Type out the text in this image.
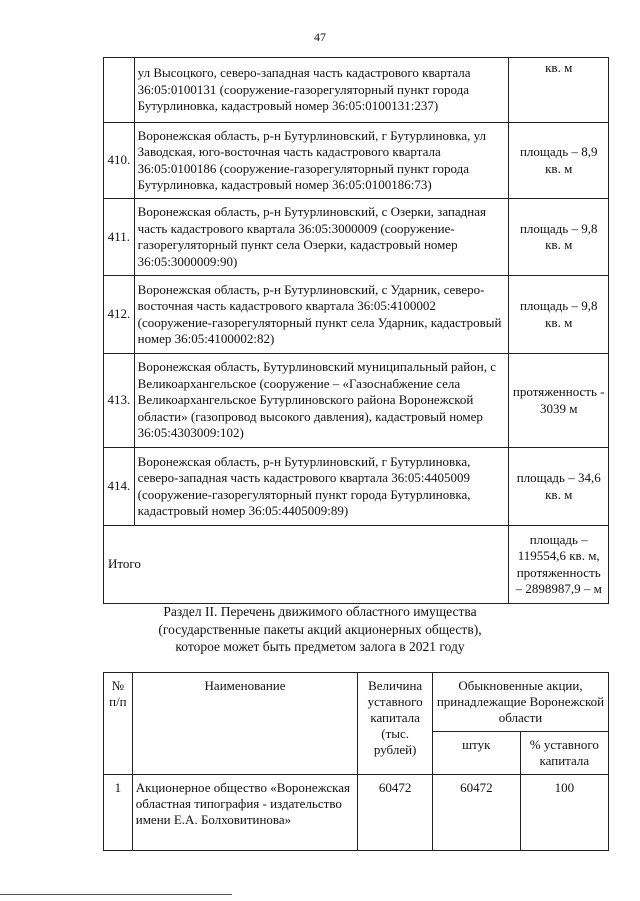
47
	ул Высоцкого, северо-западная часть кадастрового квартала 36:05:0100131 (сооружение-газорегуляторный пункт города Бутурлиновка, кадастровый номер 36:05:0100131:237)	кв. м
410.	Воронежская область, р-н Бутурлиновский, г Бутурлиновка, ул Заводская, юго-восточная часть кадастрового квартала 36:05:0100186 (сооружение-газорегуляторный пункт города Бутурлиновка, кадастровый номер 36:05:0100186:73)	площадь – 8,9 кв. м
411.	Воронежская область, р-н Бутурлиновский, с Озерки, западная часть кадастрового квартала 36:05:3000009 (сооружение-газорегуляторный пункт села Озерки, кадастровый номер 36:05:3000009:90)	площадь – 9,8 кв. м
412.	Воронежская область, р-н Бутурлиновский, с Ударник, северо-восточная часть кадастрового квартала 36:05:4100002 (сооружение-газорегуляторный пункт села Ударник, кадастровый номер 36:05:4100002:82)	площадь – 9,8 кв. м
413.	Воронежская область, Бутурлиновский муниципальный район, с Великоархангельское (сооружение – «Газоснабжение села Великоархангельское Бутурлиновского района Воронежской области» (газопровод высокого давления), кадастровый номер 36:05:4303009:102)	протяженность - 3039 м
414.	Воронежская область, р-н Бутурлиновский, г Бутурлиновка, северо-западная часть кадастрового квартала 36:05:4405009 (сооружение-газорегуляторный пункт города Бутурлиновка, кадастровый номер 36:05:4405009:89)	площадь – 34,6 кв. м
Итого		площадь – 119554,6 кв. м, протяженность – 2898987,9 – м
Раздел II. Перечень движимого областного имущества
(государственные пакеты акций акционерных обществ),
которое может быть предметом залога в 2021 году
№ п/п	Наименование	Величина уставного капитала (тыс. рублей)	Обыкновенные акции, принадлежащие Воронежской области	
			штук	% уставного капитала
1	Акционерное общество «Воронежская областная типография - издательство имени Е.А. Болховитинова»	60472	60472	100
